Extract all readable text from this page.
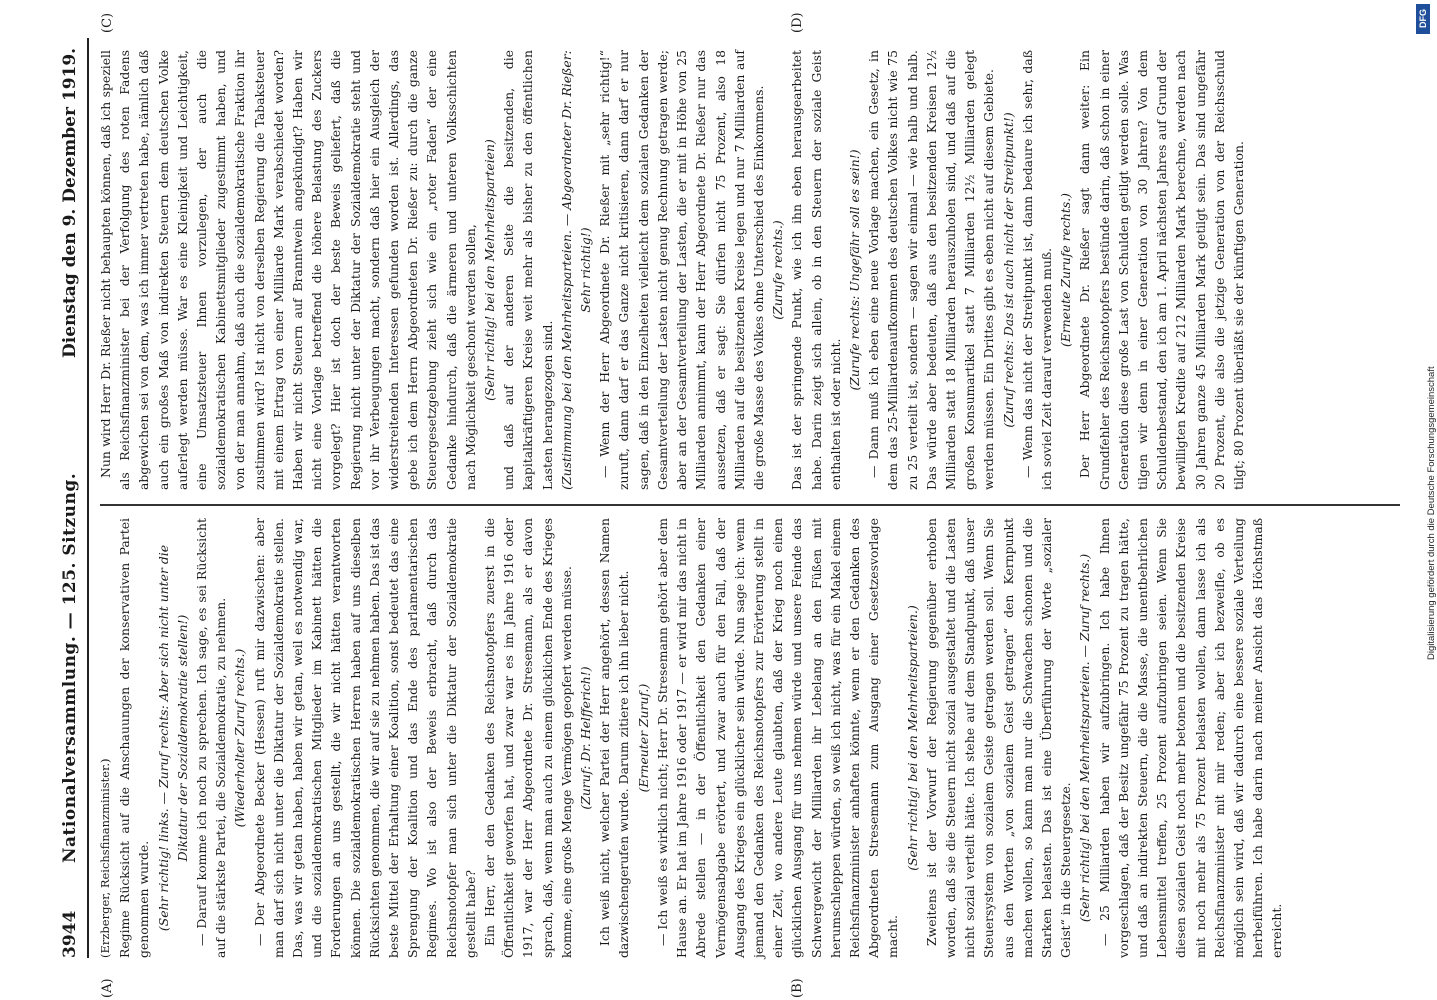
3944
Nationalversammlung. — 125. Sitzung.
Dienstag den 9. Dezember 1919.
(A)	(B)
(C)	(D)

(Erzberger, Reichsfinanzminister.) Regime Rücksicht auf die Anschauungen der konservativen Partei genommen wurde. (Sehr richtig! links. — Zuruf rechts: Aber sich nicht unter die Diktatur der Sozialdemokratie stellen!) — Darauf komme ich noch zu sprechen. Ich sage, es sei Rücksicht auf die stärkste Partei, die Sozialdemokratie, zu nehmen. (Wiederholter Zuruf rechts.) — Der Abgeordnete Becker (Hessen) ruft mir dazwischen: aber man darf sich nicht unter die Diktatur der Sozialdemokratie stellen. Das, was wir getan haben, haben wir getan, weil es notwendig war, und die sozialdemokratischen Mitglieder im Kabinett hätten die Forderungen an uns gestellt, die wir nicht hätten verantworten können. Die sozialdemokratischen Herren haben auf uns dieselben Rücksichten genommen, die wir auf sie zu nehmen haben. Das ist das beste Mittel der Erhaltung einer Koalition, sonst bedeutet das eine Sprengung der Koalition und das Ende des parlamentarischen Regimes. Wo ist also der Beweis erbracht, daß durch das Reichsnotopfer man sich unter die Diktatur der Sozialdemokratie gestellt habe? Ein Herr, der den Gedanken des Reichsnotopfers zuerst in die Öffentlichkeit geworfen hat, und zwar war es im Jahre 1916 oder 1917, war der Herr Abgeordnete Dr. Stresemann, als er davon sprach, daß, wenn man auch zu einem glücklichen Ende des Krieges komme, eine große Menge Vermögen geopfert werden müsse. (Zuruf: Dr. Helfferich!) Ich weiß nicht, welcher Partei der Herr angehört, dessen Namen dazwischengerufen wurde. Darum zitiere ich ihn lieber nicht. (Erneuter Zuruf.) — Ich weiß es wirklich nicht; Herr Dr. Stresemann gehört aber dem Hause an. Er hat im Jahre 1916 oder 1917 — er wird mir das nicht in Abrede stellen — in der Öffentlichkeit den Gedanken einer Vermögensabgabe erörtert, und zwar auch für den Fall, daß der Ausgang des Krieges ein glücklicher sein würde. Nun sage ich: wenn jemand den Gedanken des Reichsnotopfers zur Erörterung stellt in einer Zeit, wo andere Leute glaubten, daß der Krieg noch einen glücklichen Ausgang für uns nehmen würde und unsere Feinde das Schwergewicht der Milliarden ihr Lebelang an den Füßen mit herumschleppen würden, so weiß ich nicht, was für ein Makel einem Reichsfinanzminister anhaften könnte, wenn er den Gedanken des Abgeordneten Stresemann zum Ausgang einer Gesetzesvorlage macht.

(Sehr richtig! bei den Mehrheitsparteien.) Zweitens ist der Vorwurf der Regierung gegenüber erhoben worden, daß sie die Steuern nicht sozial ausgestaltet und die Lasten nicht sozial verteilt hätte. Ich stehe auf dem Standpunkt, daß unser Steuersystem von sozialem Geiste getragen werden soll. Wenn Sie aus den Worten „von sozialem Geist getragen“ den Kernpunkt machen wollen, so kann man nur die Schwachen schonen und die Starken belasten. Das ist eine Überführung der Worte „sozialer Geist“ in die Steuergesetze. (Sehr richtig! bei den Mehrheitsparteien. — Zuruf rechts.) — 25 Milliarden haben wir aufzubringen. Ich habe Ihnen vorgeschlagen, daß der Besitz ungefähr 75 Prozent zu tragen hätte, und daß an indirekten Steuern, die die Masse, die unentbehrlichen Lebensmittel treffen, 25 Prozent aufzubringen seien. Wenn Sie diesen sozialen Geist noch mehr betonen und die besitzenden Kreise mit noch mehr als 75 Prozent belasten wollen, dann lasse ich als Reichsfinanzminister mit mir reden; aber ich bezweifle, ob es möglich sein wird, daß wir dadurch eine bessere soziale Verteilung herbeiführen. Ich habe darin nach meiner Ansicht das Höchstmaß erreicht.

Nun wird Herr Dr. Rießer nicht behaupten können, daß ich speziell als Reichsfinanzminister bei der Verfolgung des roten Fadens abgewichen sei von dem, was ich immer vertreten habe, nämlich daß auch ein großes Maß von indirekten Steuern dem deutschen Volke auferlegt werden müsse. War es eine Kleinigkeit und Leichtigkeit, eine Umsatzsteuer Ihnen vorzulegen, der auch die sozialdemokratischen Kabinettsmitglieder zugestimmt haben, und von der man annahm, daß auch die sozialdemokratische Fraktion ihr zustimmen wird? Ist nicht von derselben Regierung die Tabaksteuer mit einem Ertrag von einer Milliarde Mark verabschiedet worden? Haben wir nicht Steuern auf Branntwein angekündigt? Haben wir nicht eine Vorlage betreffend die höhere Belastung des Zuckers vorgelegt? Hier ist doch der beste Beweis geliefert, daß die Regierung nicht unter der Diktatur der Sozialdemokratie steht und vor ihr Verbeugungen macht, sondern daß hier ein Ausgleich der widerstreitenden Interessen gefunden worden ist. Allerdings, das gebe ich dem Herrn Abgeordneten Dr. Rießer zu: durch die ganze Steuergesetzgebung zieht sich wie ein „roter Faden“ der eine Gedanke hindurch, daß die ärmeren und unteren Volksschichten nach Möglichkeit geschont werden sollen, (Sehr richtig! bei den Mehrheitsparteien) und daß auf der anderen Seite die besitzenden, die kapitalkräftigeren Kreise weit mehr als bisher zu den öffentlichen Lasten herangezogen sind. (Zustimmung bei den Mehrheitsparteien. — Abgeordneter Dr. Rießer: Sehr richtig!) — Wenn der Herr Abgeordnete Dr. Rießer mit „sehr richtig!“ zuruft, dann darf er das Ganze nicht kritisieren, dann darf er nur sagen, daß in den Einzelheiten vielleicht dem sozialen Gedanken der Gesamtverteilung der Lasten nicht genug Rechnung getragen werde; aber an der Gesamtverteilung der Lasten, die er mit in Höhe von 25 Milliarden annimmt, kann der Herr Abgeordnete Dr. Rießer nur das aussetzen, daß er sagt: Sie dürfen nicht 75 Prozent, also 18 Milliarden auf die besitzenden Kreise legen und nur 7 Milliarden auf die große Masse des Volkes ohne Unterschied des Einkommens. (Zurufe rechts.) Das ist der springende Punkt, wie ich ihn eben herausgearbeitet habe. Darin zeigt sich allein, ob in den Steuern der soziale Geist enthalten ist oder nicht.

(Zurufe rechts: Ungefähr soll es sein!) — Dann muß ich eben eine neue Vorlage machen, ein Gesetz, in dem das 25-Milliardenaufkommen des deutschen Volkes nicht wie 75 zu 25 verteilt ist, sondern — sagen wir einmal — wie halb und halb. Das würde aber bedeuten, daß aus den besitzenden Kreisen 12½ Milliarden statt 18 Milliarden herauszuholen sind, und daß auf die großen Konsumartikel statt 7 Milliarden 12½ Milliarden gelegt werden müssen. Ein Drittes gibt es eben nicht auf diesem Gebiete. (Zuruf rechts: Das ist auch nicht der Streitpunkt!) — Wenn das nicht der Streitpunkt ist, dann bedaure ich sehr, daß ich soviel Zeit darauf verwenden muß. (Erneute Zurufe rechts.) Der Herr Abgeordnete Dr. Rießer sagt dann weiter: Ein Grundfehler des Reichsnotopfers bestünde darin, daß schon in einer Generation diese große Last von Schulden getilgt werden solle. Was tilgen wir denn in einer Generation von 30 Jahren? Von dem Schuldenbestand, den ich am 1. April nächsten Jahres auf Grund der bewilligten Kredite auf 212 Milliarden Mark berechne, werden nach 30 Jahren ganze 45 Milliarden Mark getilgt sein. Das sind ungefähr 20 Prozent, die also die jetzige Generation von der Reichsschuld tilgt; 80 Prozent überläßt sie der künftigen Generation.

DFG
Digitalisierung gefördert durch die Deutsche Forschungsgemeinschaft
